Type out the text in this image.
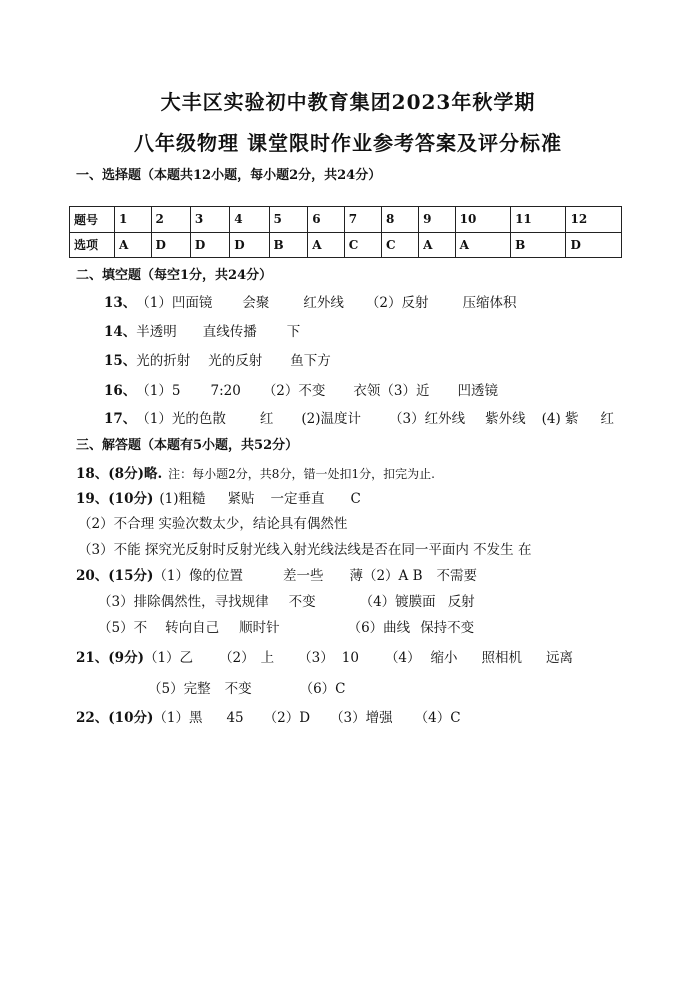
大丰区实验初中教育集团2023年秋学期
八年级物理 课堂限时作业参考答案及评分标准
一、选择题（本题共12小题，每小题2分，共24分）
题号	1	2	3	4	5	6	7	8	9	10	11	12
选项	A	D	D	D	B	A	C	C	A	A	B	D
二、填空题（每空1分，共24分）
13、（1）凹面镜 会聚	红外线 （2）反射	压缩体积
14、半透明 直线传播 下
15、光的折射 光的反射 鱼下方
16、（1）5 7:20 （2）不变 衣领（3）近 凹透镜
17、（1）光的色散	红 (2)温度计 （3）红外线 紫外线 (4) 紫 红
三、解答题（本题有5小题，共52分）
18、(8分)略. 注：每小题2分，共8分，错一处扣1分，扣完为止.
19、(10分) (1)粗糙 紧贴 一定垂直 C
（2）不合理 实验次数太少，结论具有偶然性
（3）不能 探究光反射时反射光线入射光线法线是否在同一平面内 不发生 在
20、(15分)（1）像的位置	差一些 薄（2）A B 不需要
（3）排除偶然性，寻找规律 不变	（4）镀膜面 反射
（5）不 转向自己 顺时针	（6）曲线 保持不变
21、(9分)（1）乙 （2） 上 （3） 10 （4） 缩小 照相机 远离
（5）完整 不变	（6）C
22、(10分)（1）黑 45 （2）D （3）增强 （4）C
